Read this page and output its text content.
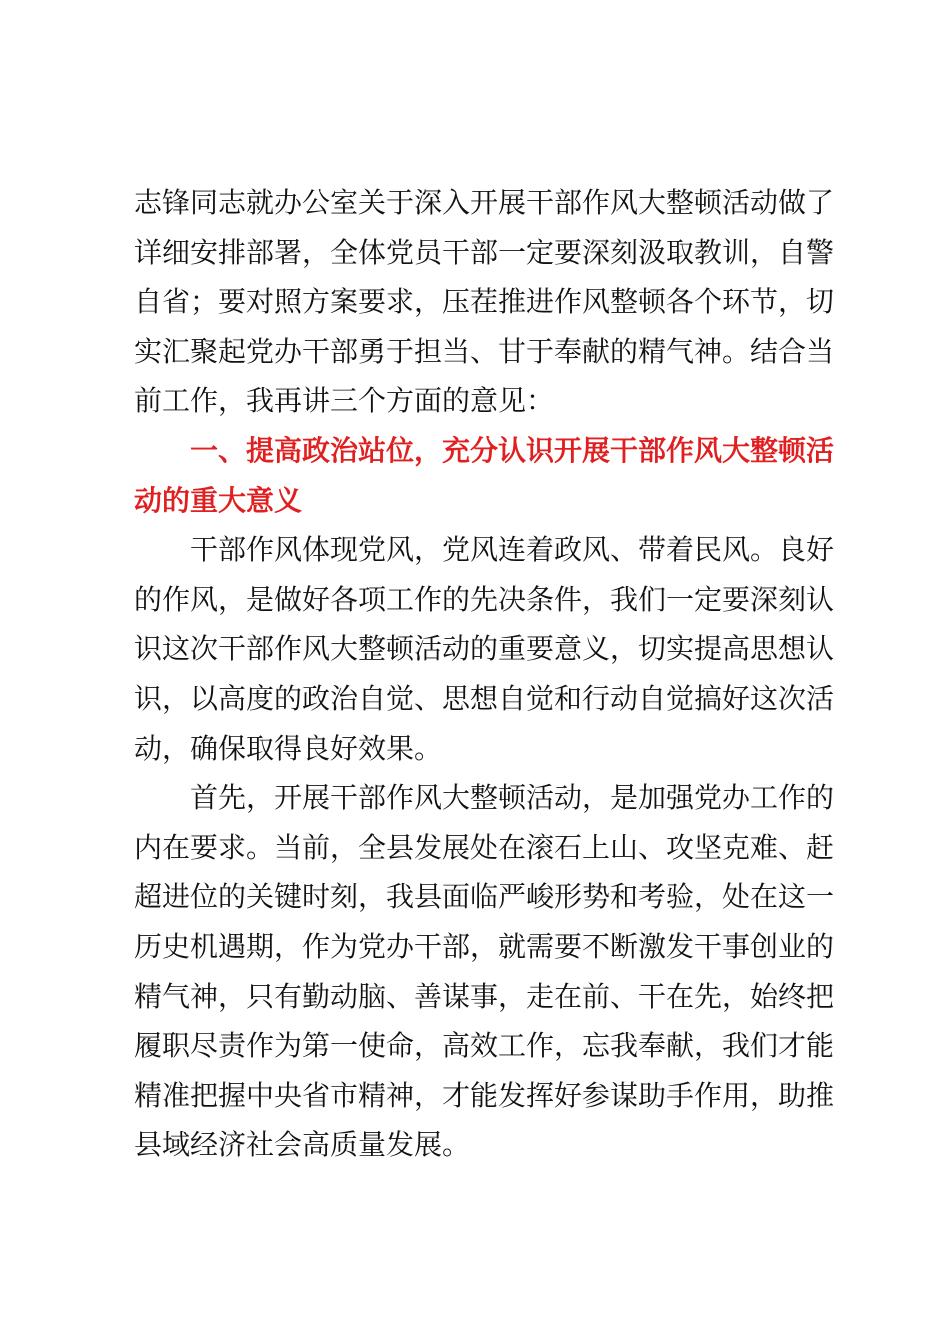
志锋同志就办公室关于深入开展干部作风大整顿活动做了
详细安排部署，全体党员干部一定要深刻汲取教训，自警
自省；要对照方案要求，压茬推进作风整顿各个环节，切
实汇聚起党办干部勇于担当、甘于奉献的精气神。结合当
前工作，我再讲三个方面的意见：
一、提高政治站位，充分认识开展干部作风大整顿活
动的重大意义
干部作风体现党风，党风连着政风、带着民风。良好
的作风，是做好各项工作的先决条件，我们一定要深刻认
识这次干部作风大整顿活动的重要意义，切实提高思想认
识，以高度的政治自觉、思想自觉和行动自觉搞好这次活
动，确保取得良好效果。
首先，开展干部作风大整顿活动，是加强党办工作的
内在要求。当前，全县发展处在滚石上山、攻坚克难、赶
超进位的关键时刻，我县面临严峻形势和考验，处在这一
历史机遇期，作为党办干部，就需要不断激发干事创业的
精气神，只有勤动脑、善谋事，走在前、干在先，始终把
履职尽责作为第一使命，高效工作，忘我奉献，我们才能
精准把握中央省市精神，才能发挥好参谋助手作用，助推
县域经济社会高质量发展。
